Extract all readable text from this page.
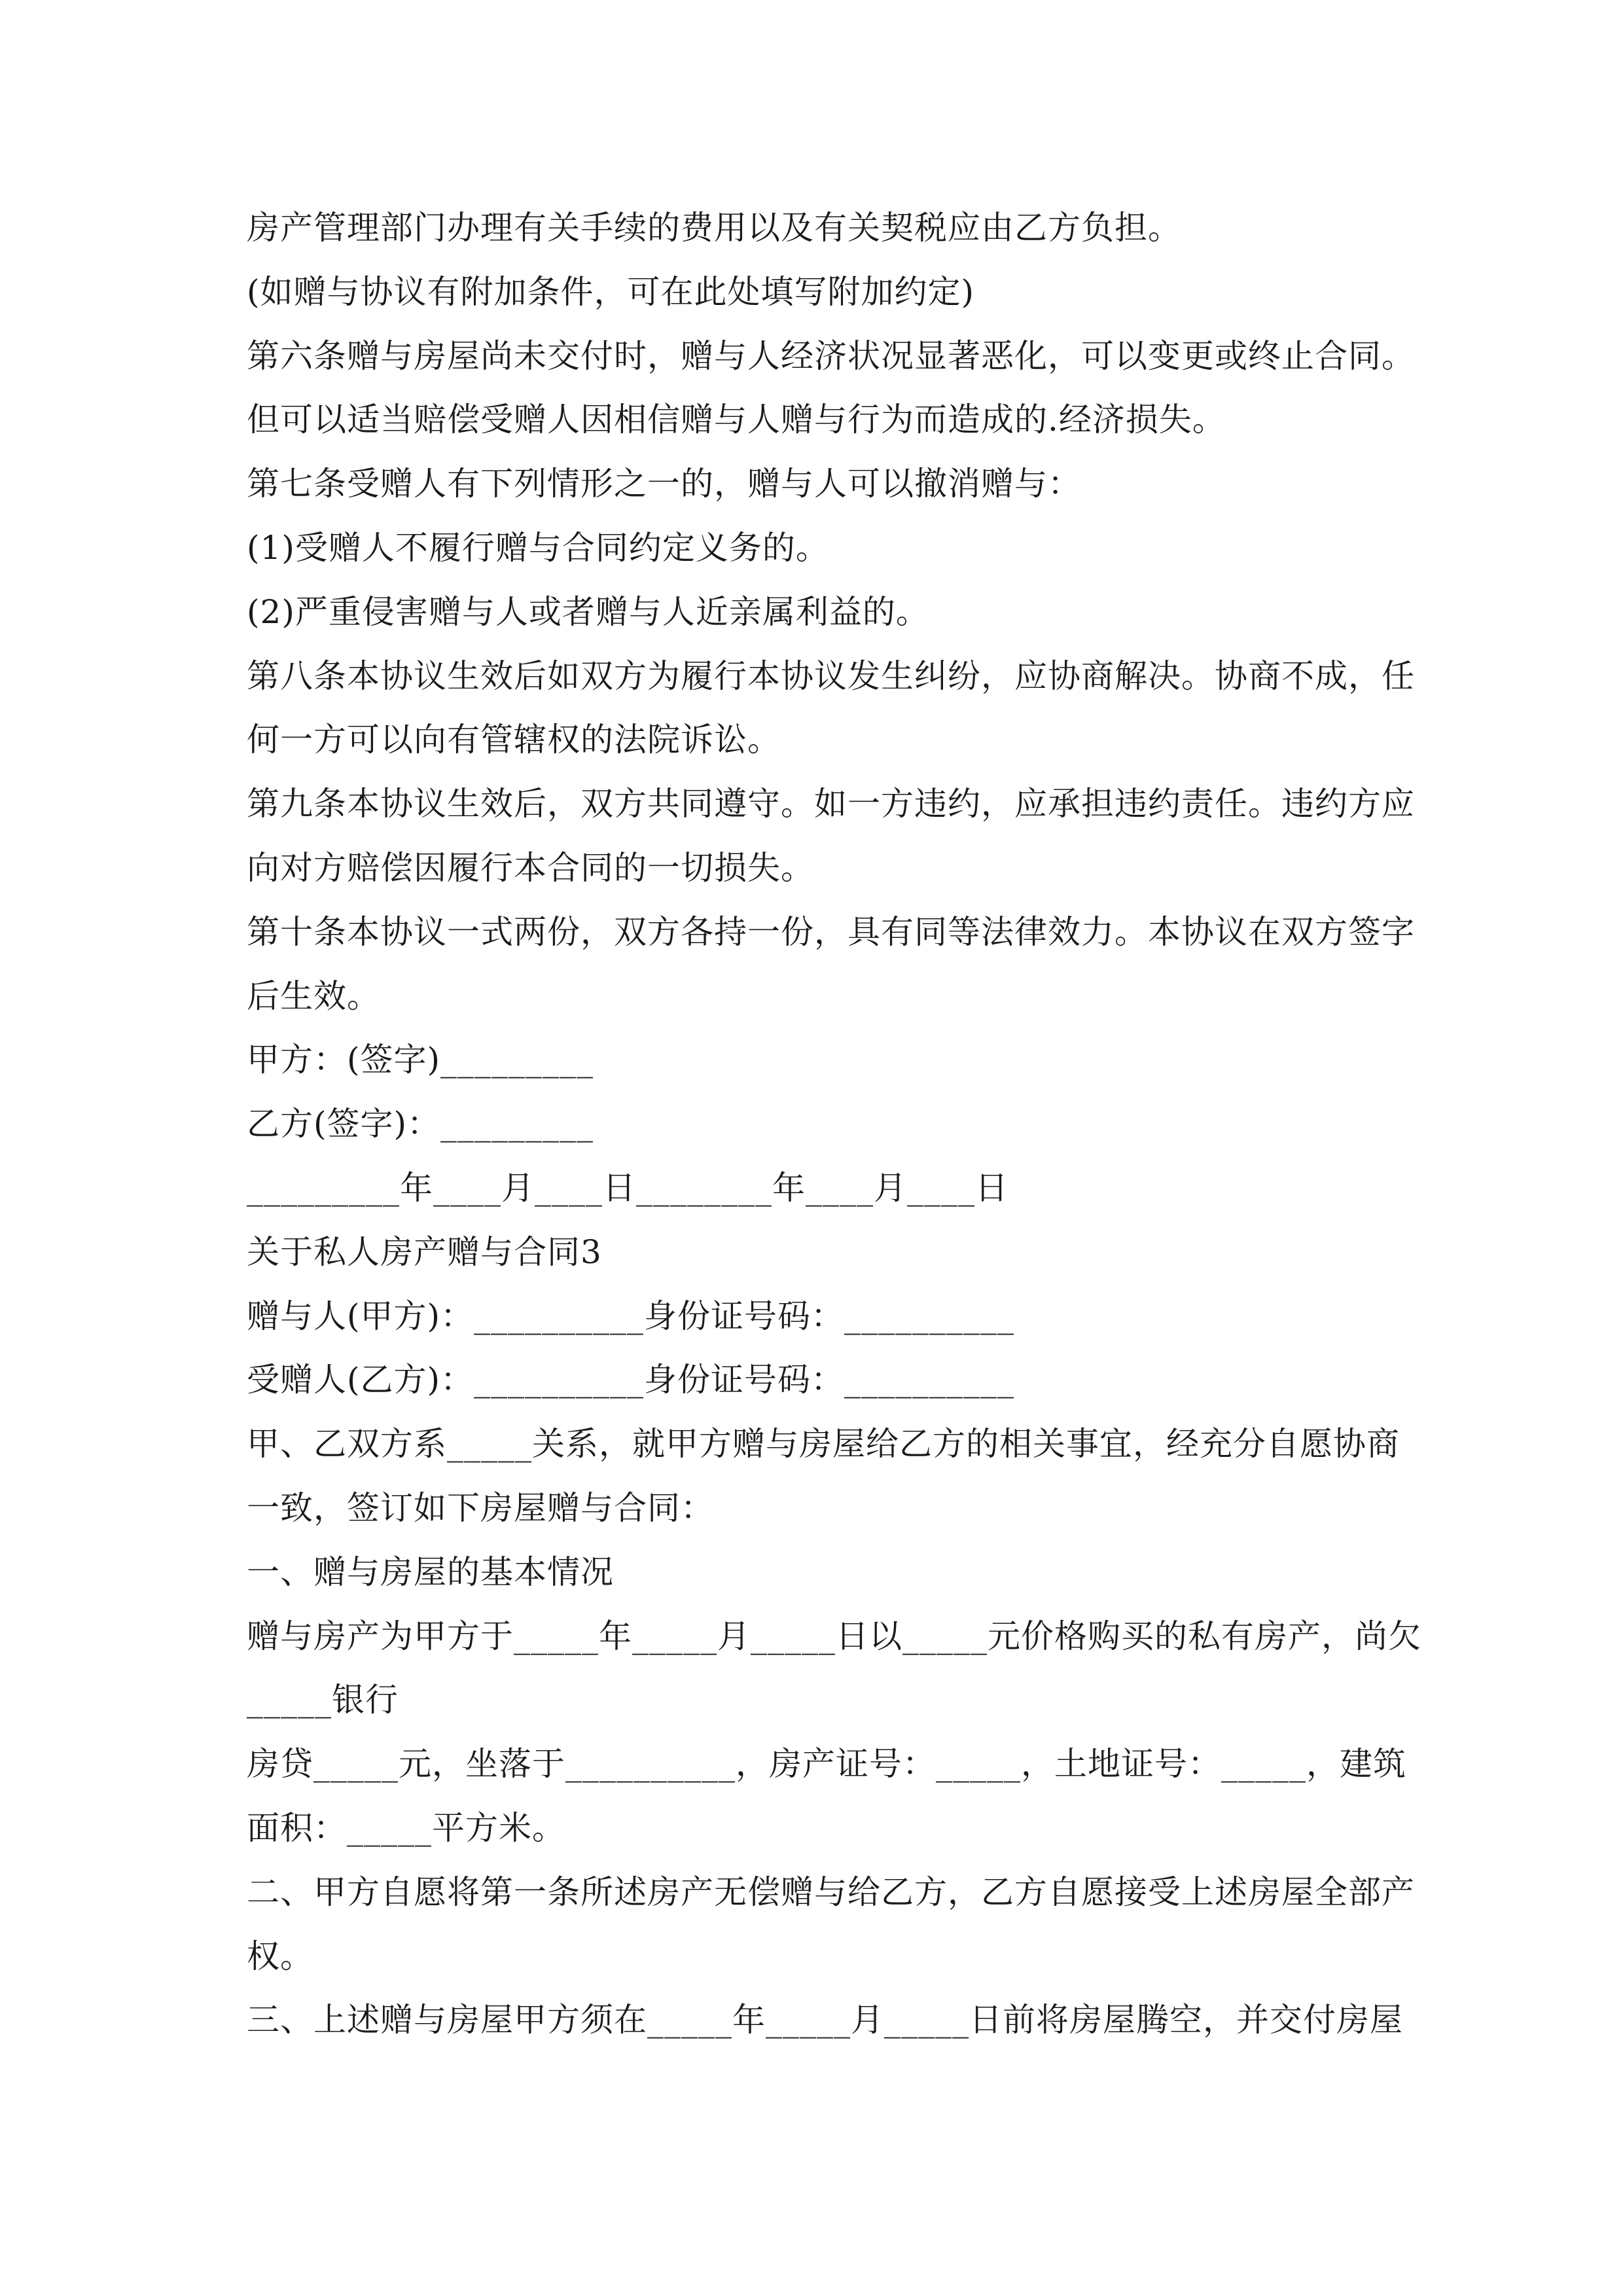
房产管理部门办理有关手续的费用以及有关契税应由乙方负担。
(如赠与协议有附加条件，可在此处填写附加约定)
第六条赠与房屋尚未交付时，赠与人经济状况显著恶化，可以变更或终止合同。
但可以适当赔偿受赠人因相信赠与人赠与行为而造成的.经济损失。
第七条受赠人有下列情形之一的，赠与人可以撤消赠与：
(1)受赠人不履行赠与合同约定义务的。
(2)严重侵害赠与人或者赠与人近亲属利益的。
第八条本协议生效后如双方为履行本协议发生纠纷，应协商解决。协商不成，任
何一方可以向有管辖权的法院诉讼。
第九条本协议生效后，双方共同遵守。如一方违约，应承担违约责任。违约方应
向对方赔偿因履行本合同的一切损失。
第十条本协议一式两份，双方各持一份，具有同等法律效力。本协议在双方签字
后生效。
甲方：(签字)_________
乙方(签字)：_________
_________年____月____日________年____月____日
关于私人房产赠与合同3
赠与人(甲方)：__________身份证号码：__________
受赠人(乙方)：__________身份证号码：__________
甲、乙双方系_____关系，就甲方赠与房屋给乙方的相关事宜，经充分自愿协商
一致，签订如下房屋赠与合同：
一、赠与房屋的基本情况
赠与房产为甲方于_____年_____月_____日以_____元价格购买的私有房产，尚欠
_____银行
房贷_____元，坐落于__________，房产证号：_____，土地证号：_____，建筑
面积：_____平方米。
二、甲方自愿将第一条所述房产无偿赠与给乙方，乙方自愿接受上述房屋全部产
权。
三、上述赠与房屋甲方须在_____年_____月_____日前将房屋腾空，并交付房屋
